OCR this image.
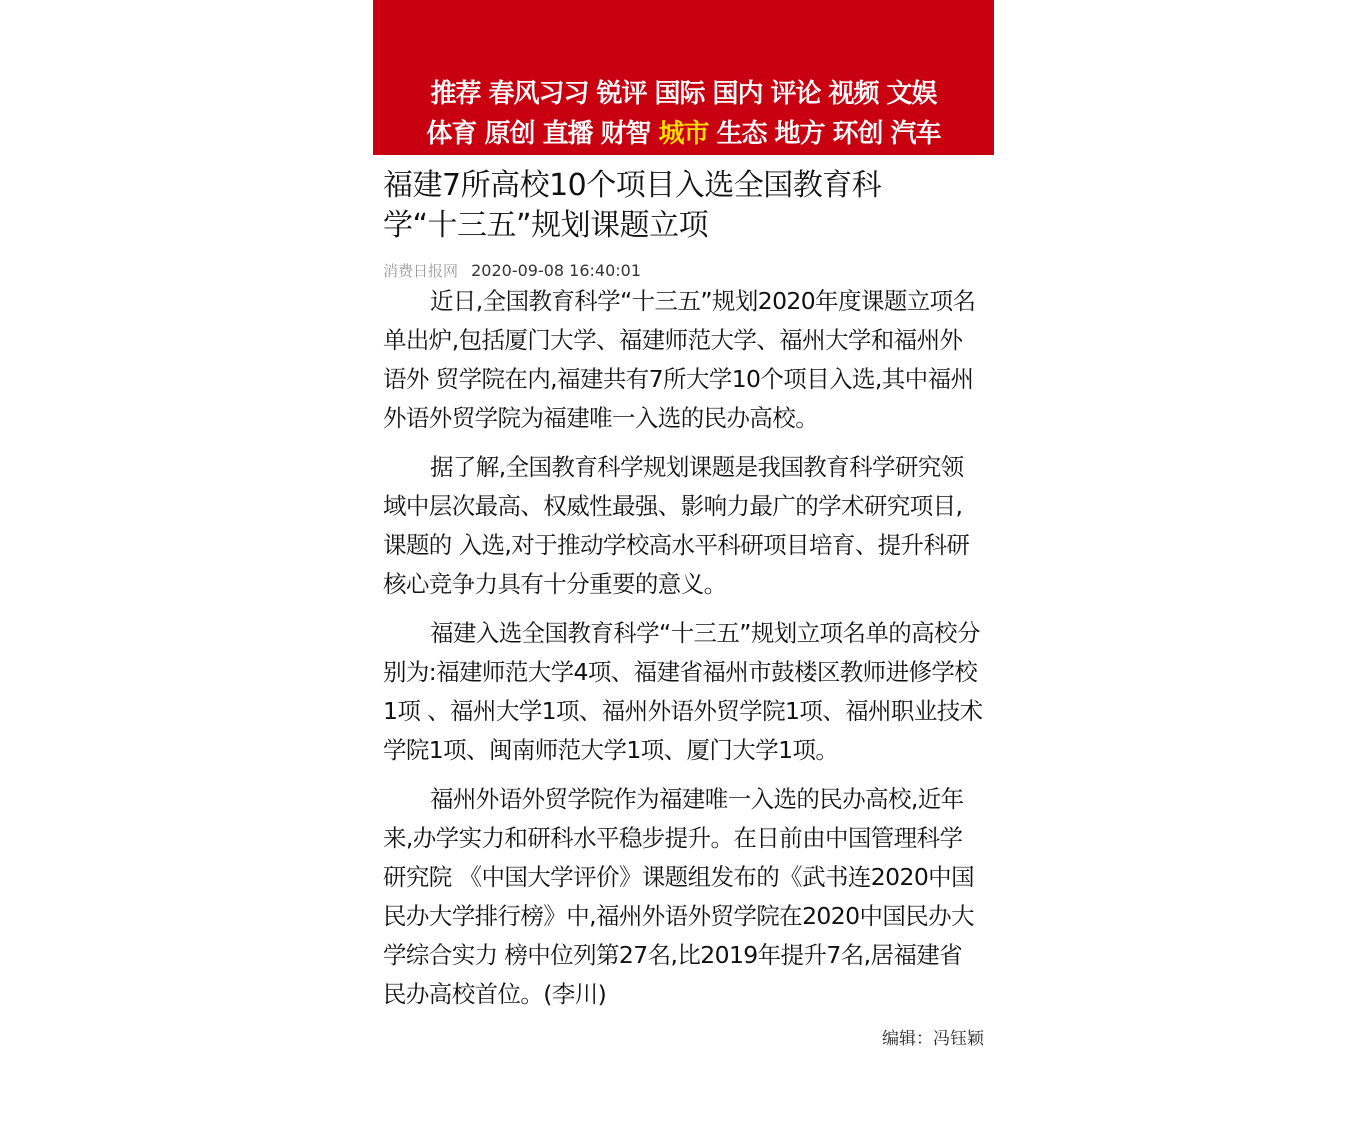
推荐 春风习习 锐评 国际 国内 评论 视频 文娱
体育 原创 直播 财智 城市 生态 地方 环创 汽车
福建7所高校10个项目入选全国教育科学“十三五”规划课题立项
消费日报网 2020-09-08 16:40:01

近日,全国教育科学“十三五”规划2020年度课题立项名单出炉,包括厦门大学、福建师范大学、福州大学和福州外语外 贸学院在内,福建共有7所大学10个项目入选,其中福州外语外贸学院为福建唯一入选的民办高校。

据了解,全国教育科学规划课题是我国教育科学研究领域中层次最高、权威性最强、影响力最广的学术研究项目,课题的 入选,对于推动学校高水平科研项目培育、提升科研核心竞争力具有十分重要的意义。

福建入选全国教育科学“十三五”规划立项名单的高校分别为:福建师范大学4项、福建省福州市鼓楼区教师进修学校1项 、福州大学1项、福州外语外贸学院1项、福州职业技术学院1项、闽南师范大学1项、厦门大学1项。

福州外语外贸学院作为福建唯一入选的民办高校,近年来,办学实力和研科水平稳步提升。在日前由中国管理科学研究院 《中国大学评价》课题组发布的《武书连2020中国民办大学排行榜》中,福州外语外贸学院在2020中国民办大学综合实力 榜中位列第27名,比2019年提升7名,居福建省民办高校首位。(李川)

编辑：冯钰颖
